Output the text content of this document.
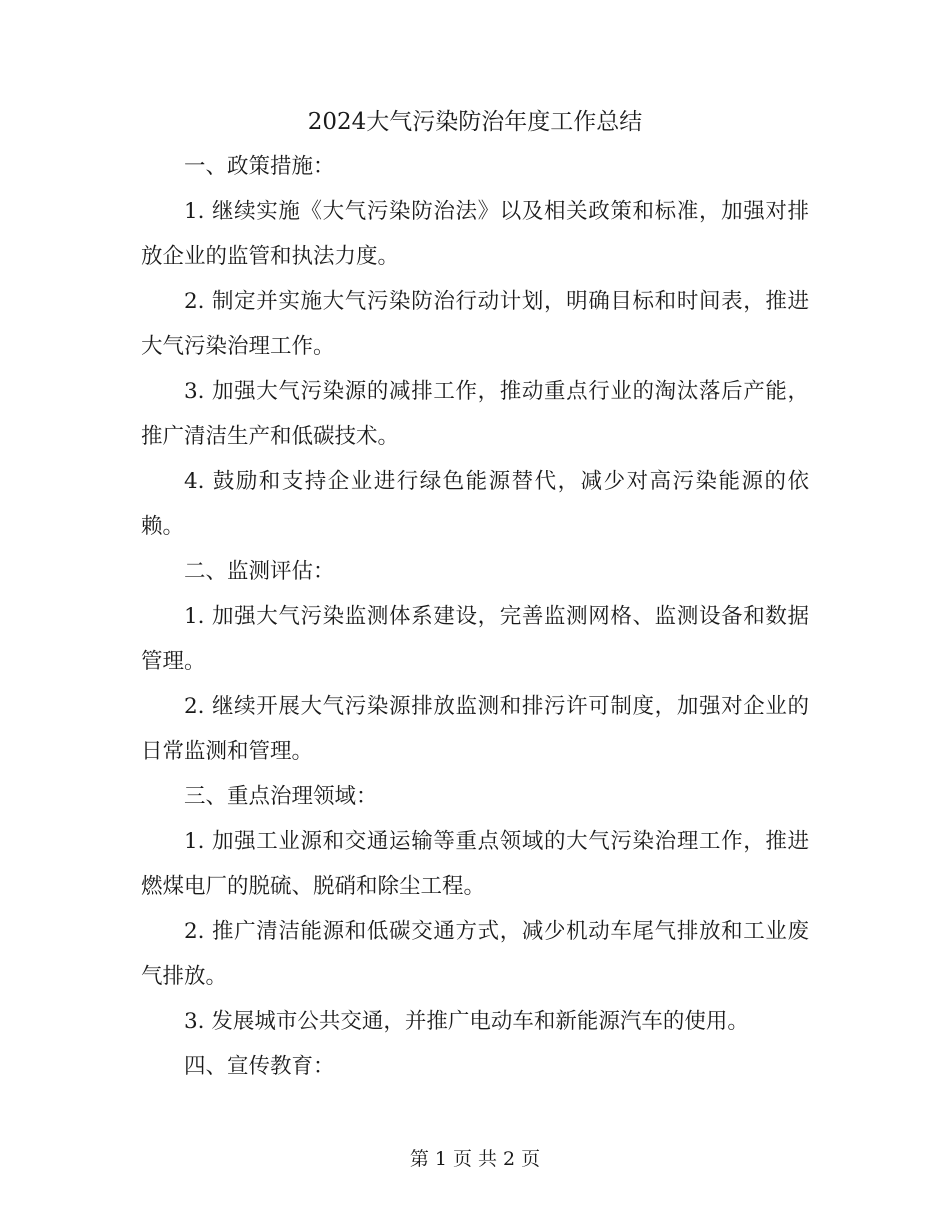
2024大气污染防治年度工作总结

一、政策措施：

1. 继续实施《大气污染防治法》以及相关政策和标准，加强对排放企业的监管和执法力度。

2. 制定并实施大气污染防治行动计划，明确目标和时间表，推进大气污染治理工作。

3. 加强大气污染源的减排工作，推动重点行业的淘汰落后产能，推广清洁生产和低碳技术。

4. 鼓励和支持企业进行绿色能源替代，减少对高污染能源的依赖。

二、监测评估：

1. 加强大气污染监测体系建设，完善监测网格、监测设备和数据管理。

2. 继续开展大气污染源排放监测和排污许可制度，加强对企业的日常监测和管理。

三、重点治理领域：

1. 加强工业源和交通运输等重点领域的大气污染治理工作，推进燃煤电厂的脱硫、脱硝和除尘工程。

2. 推广清洁能源和低碳交通方式，减少机动车尾气排放和工业废气排放。

3. 发展城市公共交通，并推广电动车和新能源汽车的使用。

四、宣传教育：

第 1 页 共 2 页
